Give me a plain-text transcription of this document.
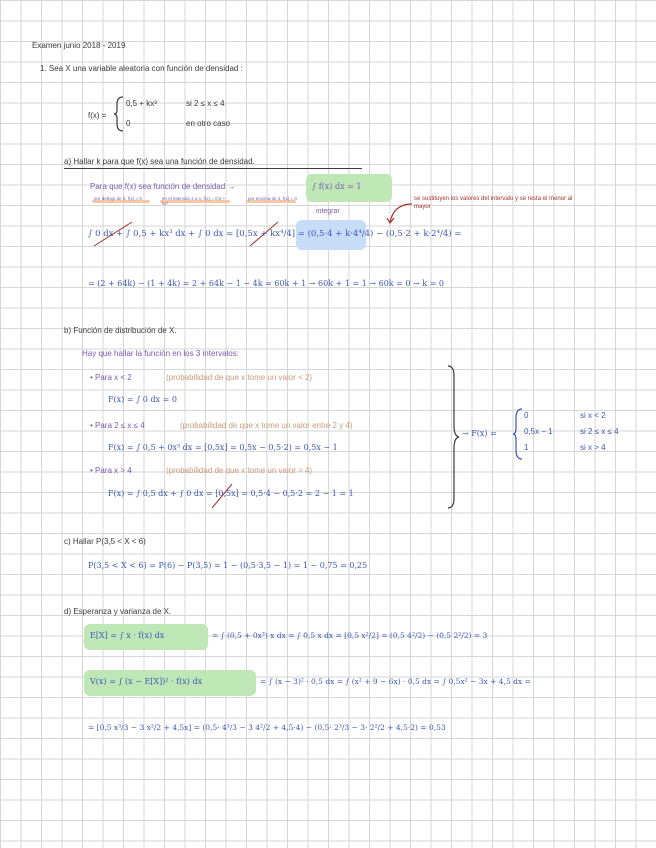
Examen junio 2018 - 2019
1. Sea X una variable aleatoria con función de densidad :
f(x) =
0,5 + kx³	si 2 ≤ x ≤ 4
0	en otro caso
a) Hallar k para que f(x) sea una función de densidad.
Para que f(x) sea función de densidad →	∫ f(x) dx = 1
por debajo de 2, f(x) = 0	en el intervalo 2 ≤ x, f(x) = 0,5 + kx³
por encima de 4, f(x) = 0
integrar
se sustituyen los valores del intervalo y se resta el menor al mayor
∫ 0 dx + ∫ 0,5 + kx³ dx + ∫ 0 dx = [0,5x + kx⁴/4] = (0,5·4 + k·4⁴/4) − (0,5·2 + k·2⁴/4) =
= (2 + 64k) − (1 + 4k) = 2 + 64k − 1 − 4k = 60k + 1 → 60k + 1 = 1 → 60k = 0 → k = 0
b) Función de distribución de X.
Hay que hallar la función en los 3 intervalos:
• Para x < 2	(probabilidad de que x tome un valor < 2)
F(x) = ∫ 0 dx = 0
• Para 2 ≤ x ≤ 4	(probabilidad de que x tome un valor entre 2 y 4)
F(x) = ∫ 0,5 + 0x³ dx = [0,5x] = 0,5x − 0,5·2) = 0,5x − 1
• Para x > 4	(probabilidad de que x tome un valor > 4)
F(x) = ∫ 0,5 dx + ∫ 0 dx = [0,5x] = 0,5·4 − 0,5·2 = 2 − 1 = 1
→ F(x) =
0	si x < 2
0,5x − 1	si 2 ≤ x ≤ 4
1	si x > 4
c) Hallar P(3,5 < X < 6)
P(3,5 < X < 6) = P(6) − P(3,5) = 1 − (0,5·3,5 − 1) = 1 − 0,75 = 0,25
d) Esperanza y varianza de X.
E[X] = ∫ x · f(x) dx	= ∫ (0,5 + 0x³) x dx = ∫ 0,5 x dx = [0,5 x²/2] = (0,5 4²/2) − (0,5 2²/2) = 3
V(x) = ∫ (x − E[X])² · f(x) dx	= ∫ (x − 3)² · 0,5 dx = ∫ (x² + 9 − 6x) · 0,5 dx = ∫ 0,5x² − 3x + 4,5 dx =
= [0,5 x³/3 − 3 x²/2 + 4,5x] = (0,5· 4³/3 − 3 4²/2 + 4,5·4) − (0,5· 2³/3 − 3· 2²/2 + 4,5·2) = 0,53
